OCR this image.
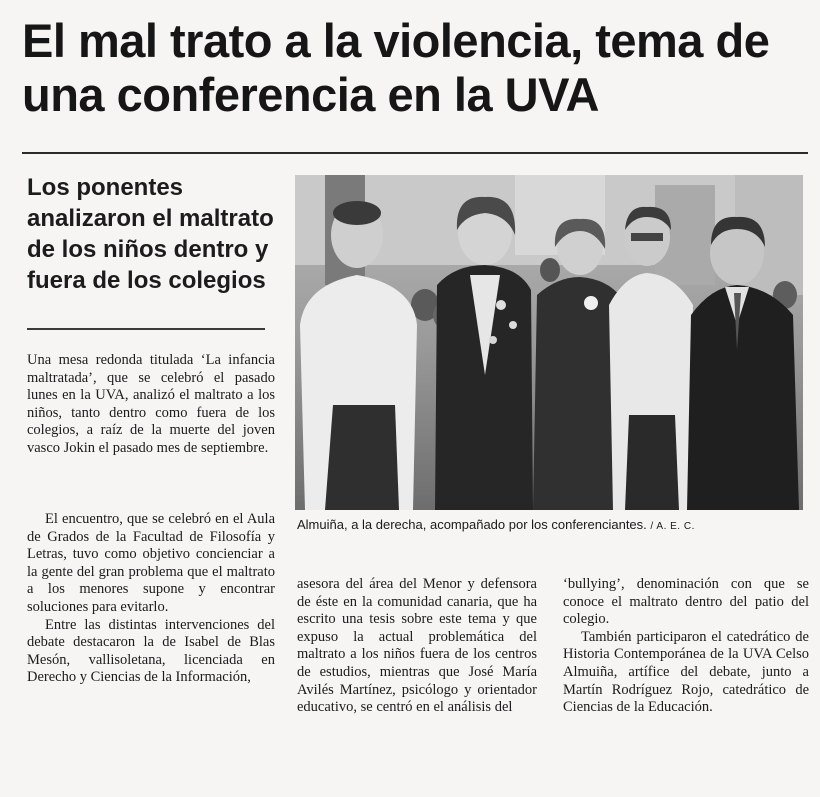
El mal trato a la violencia, tema de una conferencia en la UVA
Los ponentes analizaron el maltrato de los niños dentro y fuera de los colegios
Almuiña, a la derecha, acompañado por los conferenciantes. / A. E. C.

Una mesa redonda titulada ‘La infancia maltratada’, que se celebró el pasado lunes en la UVA, analizó el maltrato a los niños, tanto dentro como fuera de los colegios, a raíz de la muerte del joven vasco Jokin el pasado mes de septiembre.

El encuentro, que se celebró en el Aula de Grados de la Facultad de Filosofía y Letras, tuvo como objetivo concienciar a la gente del gran problema que el maltrato a los menores supone y encontrar soluciones para evitarlo.

Entre las distintas intervenciones del debate destacaron la de Isabel de Blas Mesón, vallisoletana, licenciada en Derecho y Ciencias de la Información,

asesora del área del Menor y defensora de éste en la comunidad canaria, que ha escrito una tesis sobre este tema y que expuso la actual problemática del maltrato a los niños fuera de los centros de estudios, mientras que José María Avilés Martínez, psicólogo y orientador educativo, se centró en el análisis del

‘bullying’, denominación con que se conoce el maltrato dentro del patio del colegio.

También participaron el catedrático de Historia Contemporánea de la UVA Celso Almuiña, artífice del debate, junto a Martín Rodríguez Rojo, catedrático de Ciencias de la Educación.
